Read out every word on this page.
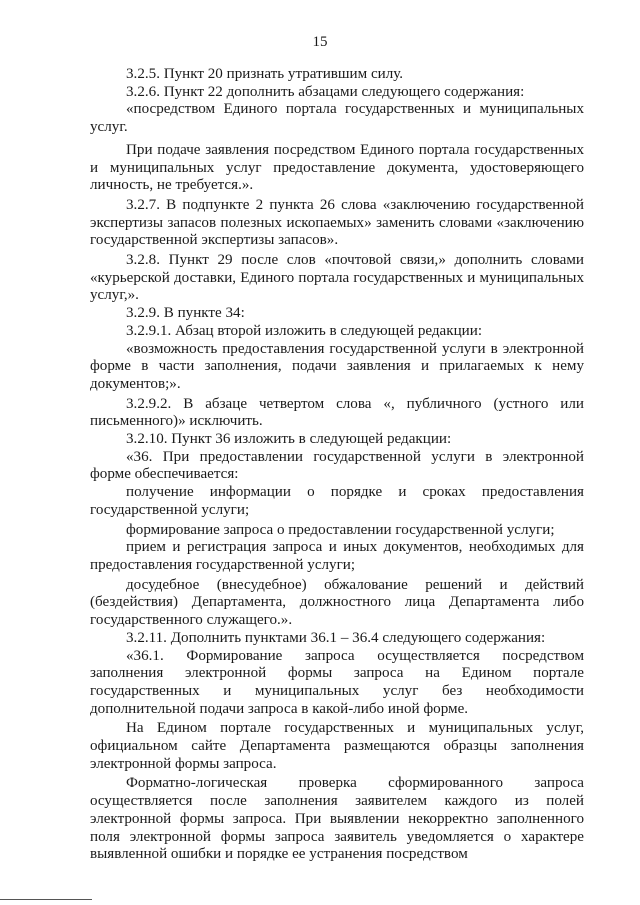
15

3.2.5. Пункт 20 признать утратившим силу.

3.2.6. Пункт 22 дополнить абзацами следующего содержания:

«посредством Единого портала государственных и муниципальных услуг.

При подаче заявления посредством Единого портала государственных и муниципальных услуг предоставление документа, удостоверяющего личность, не требуется.».

3.2.7. В подпункте 2 пункта 26 слова «заключению государственной экспертизы запасов полезных ископаемых» заменить словами «заключению государственной экспертизы запасов».

3.2.8. Пункт 29 после слов «почтовой связи,» дополнить словами «курьерской доставки, Единого портала государственных и муниципальных услуг,».

3.2.9. В пункте 34:

3.2.9.1. Абзац второй изложить в следующей редакции:

«возможность предоставления государственной услуги в электронной форме в части заполнения, подачи заявления и прилагаемых к нему документов;».

3.2.9.2. В абзаце четвертом слова «, публичного (устного или письменного)» исключить.

3.2.10. Пункт 36 изложить в следующей редакции:

«36. При предоставлении государственной услуги в электронной форме обеспечивается:

получение информации о порядке и сроках предоставления государственной услуги;

формирование запроса о предоставлении государственной услуги;

прием и регистрация запроса и иных документов, необходимых для предоставления государственной услуги;

досудебное (внесудебное) обжалование решений и действий (бездействия) Департамента, должностного лица Департамента либо государственного служащего.».

3.2.11. Дополнить пунктами 36.1 – 36.4 следующего содержания:

«36.1. Формирование запроса осуществляется посредством заполнения электронной формы запроса на Едином портале государственных и муниципальных услуг без необходимости дополнительной подачи запроса в какой-либо иной форме.

На Едином портале государственных и муниципальных услуг, официальном сайте Департамента размещаются образцы заполнения электронной формы запроса.

Форматно-логическая проверка сформированного запроса осуществляется после заполнения заявителем каждого из полей электронной формы запроса. При выявлении некорректно заполненного поля электронной формы запроса заявитель уведомляется о характере выявленной ошибки и порядке ее устранения посредством
